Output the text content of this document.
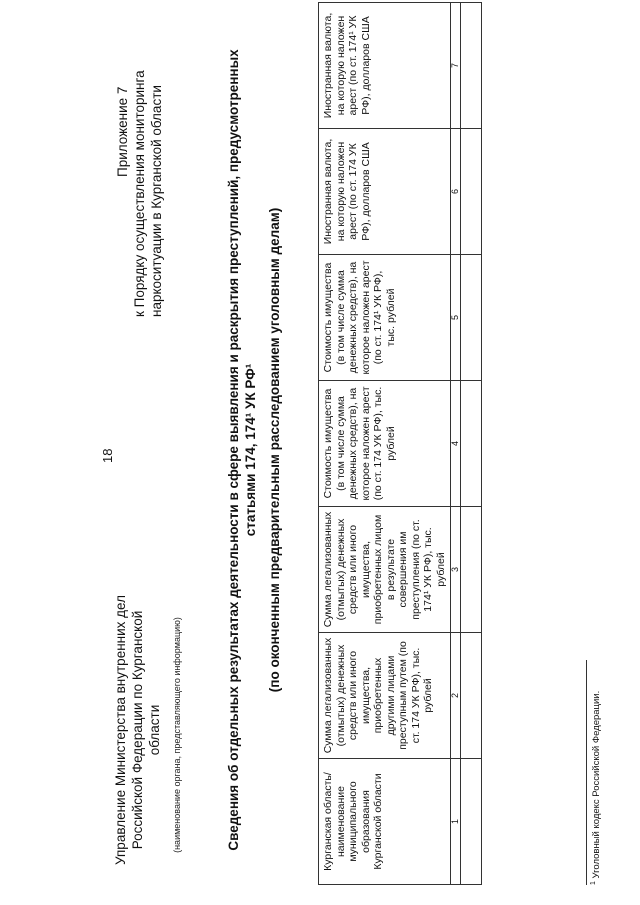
18
Управление Министерства внутренних дел Российской Федерации по Курганской области (наименование органа, представляющего информацию)
Приложение 7 к Порядку осуществления мониторинга наркоситуации в Курганской области	Сведения об отдельных результатах деятельности в сфере выявления и раскрытия преступлений, предусмотренных статьями 174, 174¹ УК РФ¹ (по оконченным предварительным расследованием уголовным делам)
Курганская область/ наименование муниципального образования Курганской области	Сумма легализованных (отмытых) денежных средств или иного имущества, приобретенных другими лицами преступным путем (по ст. 174 УК РФ), тыс. рублей	Сумма легализованных (отмытых) денежных средств или иного имущества, приобретенных лицом в результате совершения им преступления (по ст. 174¹ УК РФ), тыс. рублей	Стоимость имущества (в том числе сумма денежных средств), на которое наложен арест (по ст. 174 УК РФ), тыс. рублей	Стоимость имущества (в том числе сумма денежных средств), на которое наложен арест (по ст. 174¹ УК РФ), тыс. рублей	Иностранная валюта, на которую наложен арест (по ст. 174 УК РФ), долларов США	Иностранная валюта, на которую наложен арест (по ст. 174¹ УК РФ), долларов США
1	2	3	4	5	6	7

$^1$ Уголовный кодекс Российской Федерации.
